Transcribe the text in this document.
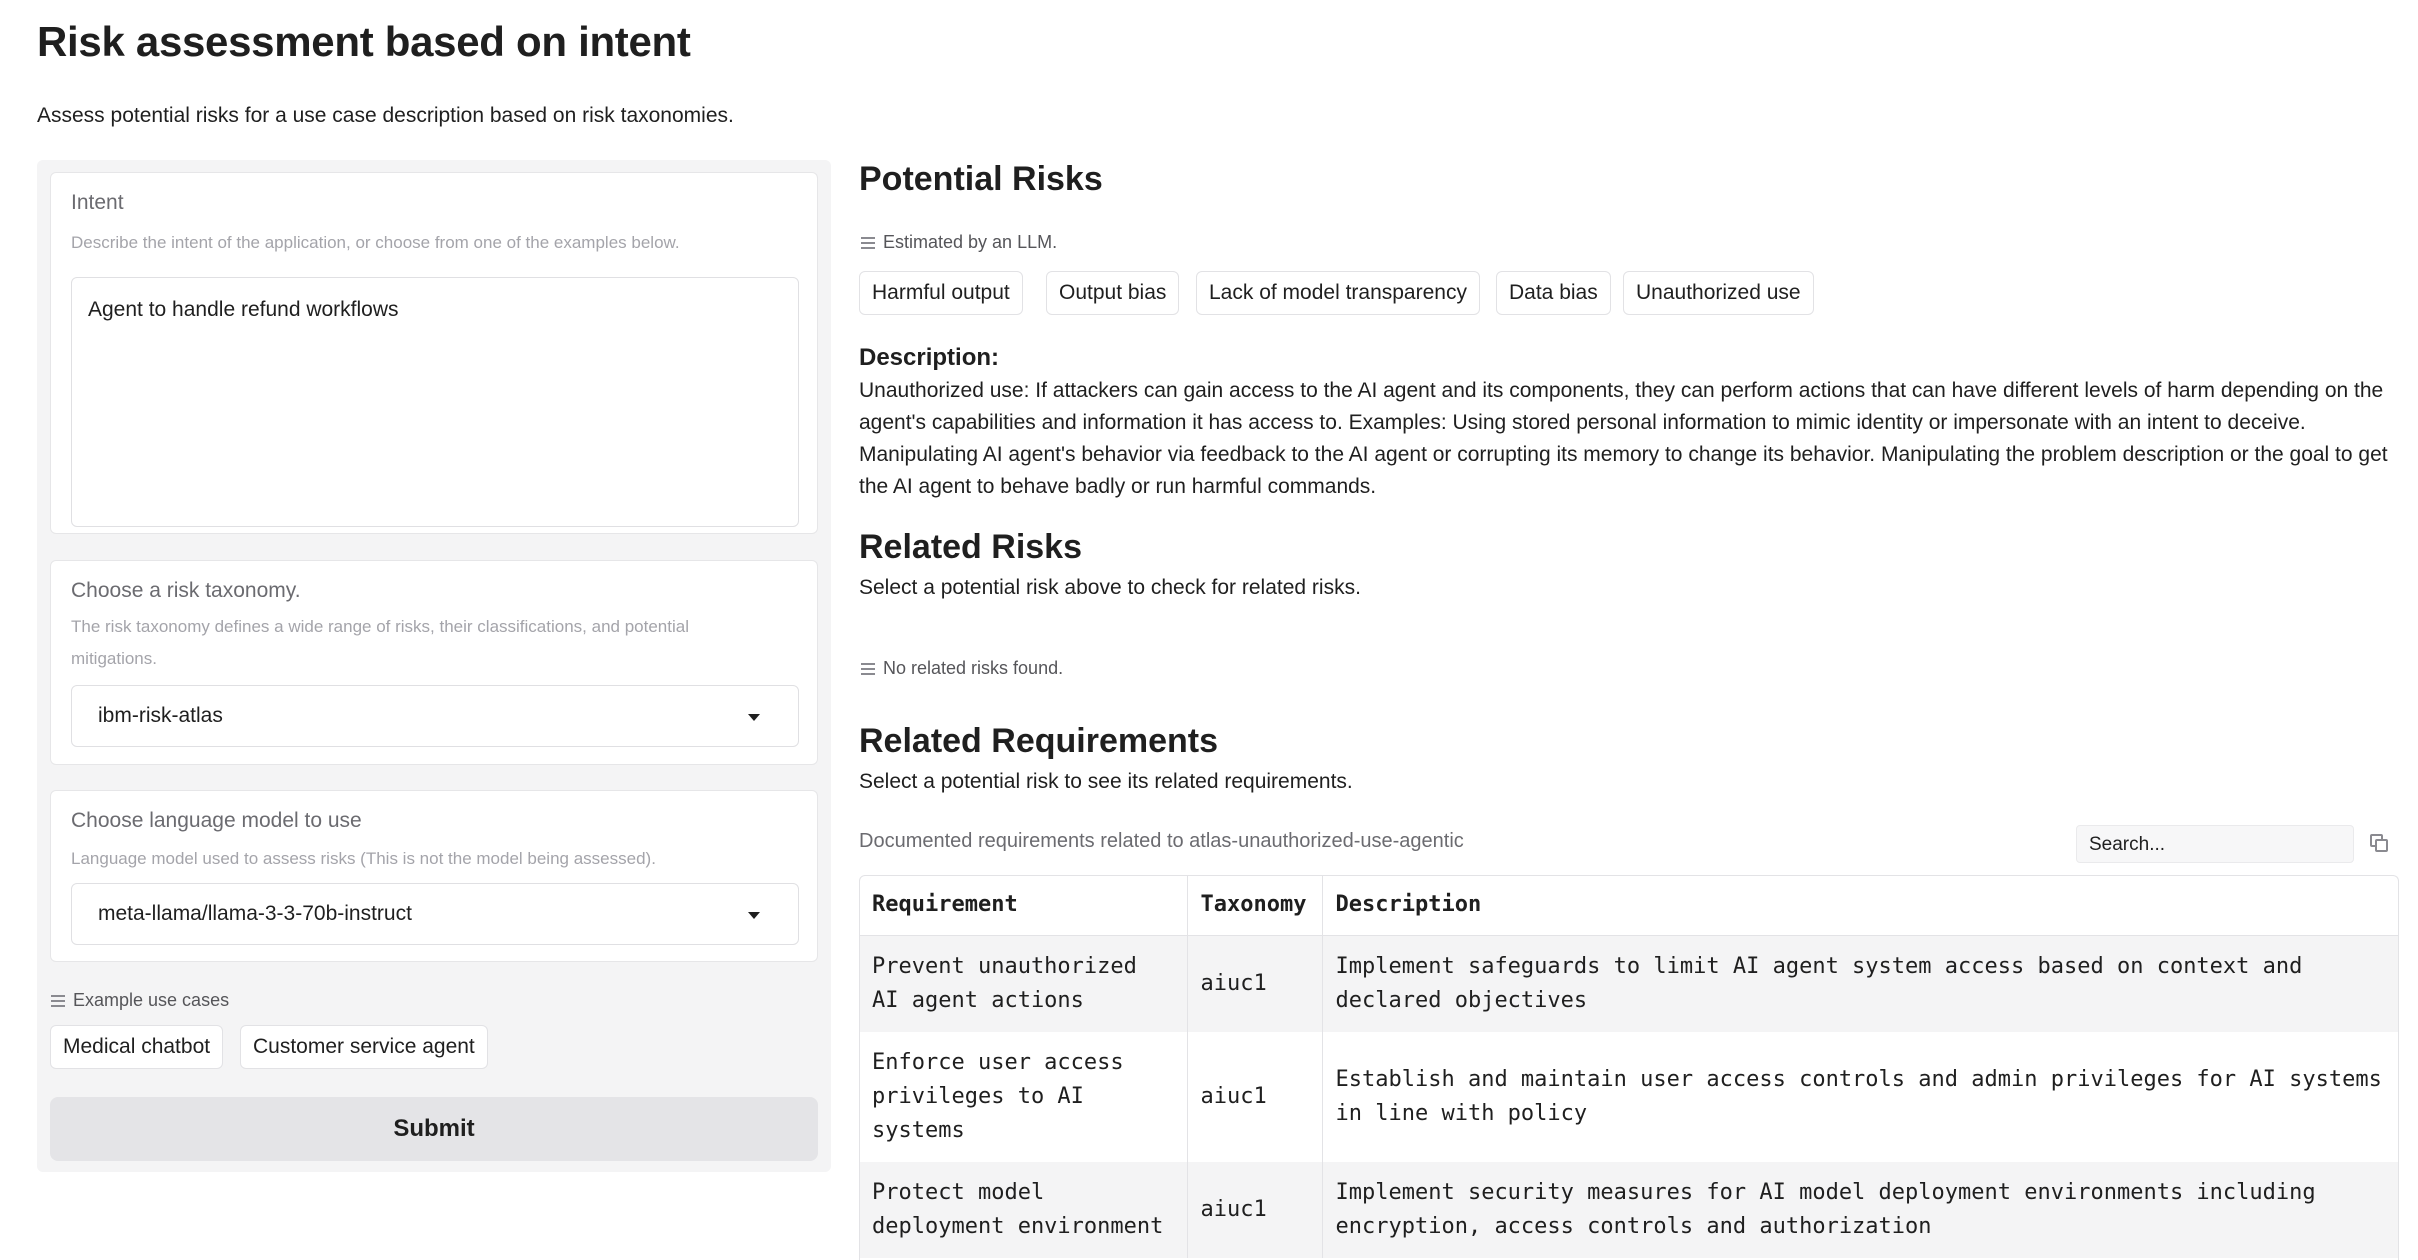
Risk assessment based on intent

Assess potential risks for a use case description based on risk taxonomies.

Intent
Describe the intent of the application, or choose from one of the examples below.
Agent to handle refund workflows
Choose a risk taxonomy.
The risk taxonomy defines a wide range of risks, their classifications, and potential mitigations.
ibm-risk-atlas
Choose language model to use
Language model used to assess risks (This is not the model being assessed).
meta-llama/llama-3-3-70b-instruct
Example use cases
Medical chatbot	Customer service agent
Submit
Potential Risks
Estimated by an LLM.
Harmful output	Output bias	Lack of model transparency	Data bias	Unauthorized use
Description:
Unauthorized use: If attackers can gain access to the AI agent and its components, they can perform actions that can have different levels of harm depending on the agent's capabilities and information it has access to. Examples: Using stored personal information to mimic identity or impersonate with an intent to deceive. Manipulating AI agent's behavior via feedback to the AI agent or corrupting its memory to change its behavior. Manipulating the problem description or the goal to get the AI agent to behave badly or run harmful commands.
Related Risks
Select a potential risk above to check for related risks.
No related risks found.
Related Requirements
Select a potential risk to see its related requirements.
Documented requirements related to atlas-unauthorized-use-agentic	Search...
Requirement	Taxonomy	Description
Prevent unauthorized AI agent actions	aiuc1	Implement safeguards to limit AI agent system access based on context and declared objectives
Enforce user access privileges to AI systems	aiuc1	Establish and maintain user access controls and admin privileges for AI systems in line with policy
Protect model deployment environment	aiuc1	Implement security measures for AI model deployment environments including encryption, access controls and authorization
